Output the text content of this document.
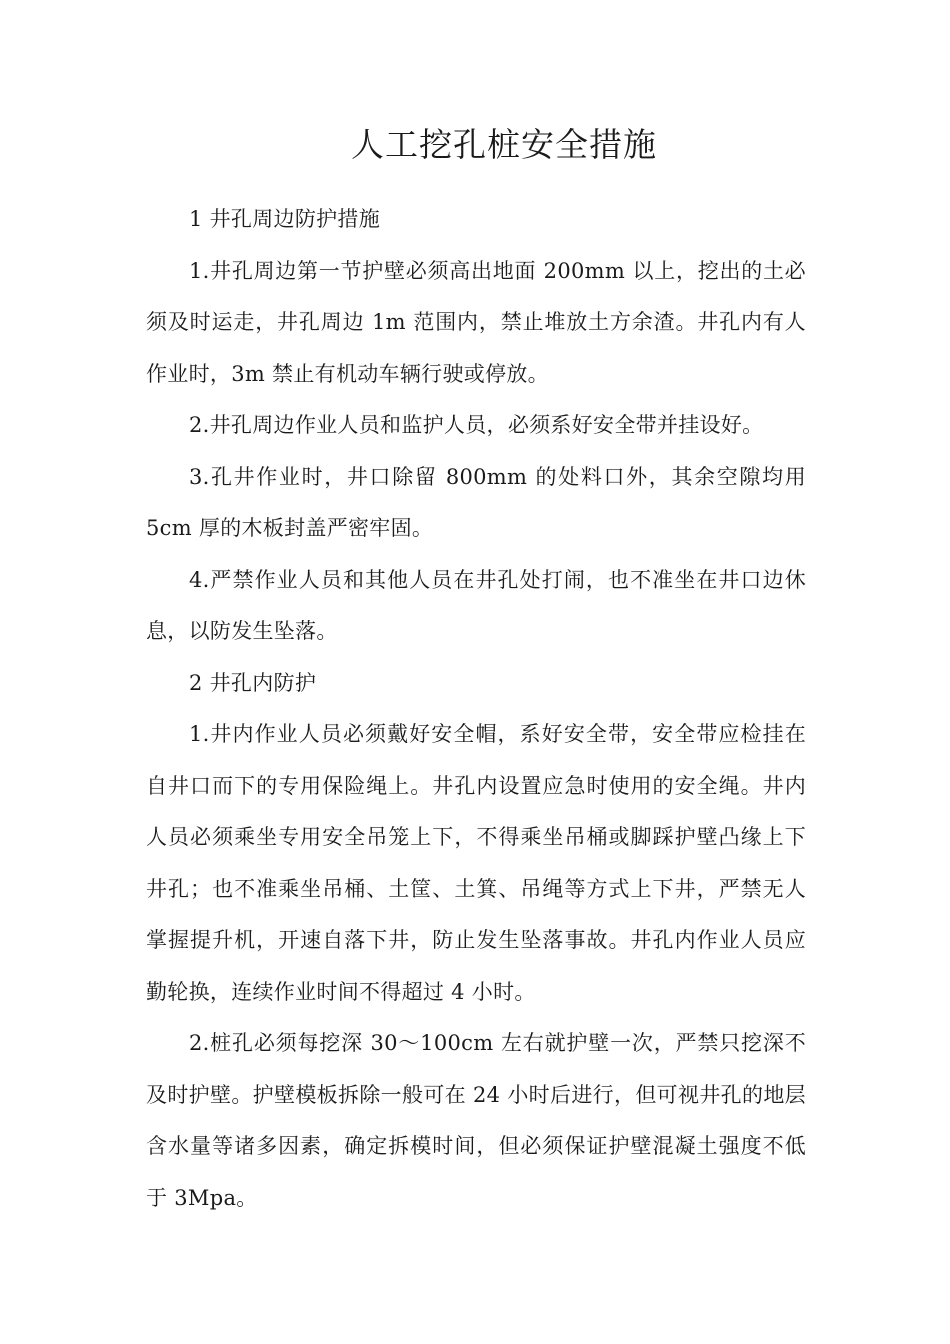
人工挖孔桩安全措施

1 井孔周边防护措施

1.井孔周边第一节护壁必须高出地面 200mm 以上，挖出的土必须及时运走，井孔周边 1m 范围内，禁止堆放土方余渣。井孔内有人作业时，3m 禁止有机动车辆行驶或停放。

2.井孔周边作业人员和监护人员，必须系好安全带并挂设好。

3.孔井作业时，井口除留 800mm 的处料口外，其余空隙均用 5cm 厚的木板封盖严密牢固。

4.严禁作业人员和其他人员在井孔处打闹，也不准坐在井口边休息，以防发生坠落。

2 井孔内防护

1.井内作业人员必须戴好安全帽，系好安全带，安全带应检挂在自井口而下的专用保险绳上。井孔内设置应急时使用的安全绳。井内人员必须乘坐专用安全吊笼上下，不得乘坐吊桶或脚踩护壁凸缘上下井孔；也不准乘坐吊桶、土筐、土箕、吊绳等方式上下井，严禁无人掌握提升机，开速自落下井，防止发生坠落事故。井孔内作业人员应勤轮换，连续作业时间不得超过 4 小时。

2.桩孔必须每挖深 30～100cm 左右就护壁一次，严禁只挖深不及时护壁。护壁模板拆除一般可在 24 小时后进行，但可视井孔的地层含水量等诸多因素，确定拆模时间，但必须保证护壁混凝土强度不低于 3Mpa。
